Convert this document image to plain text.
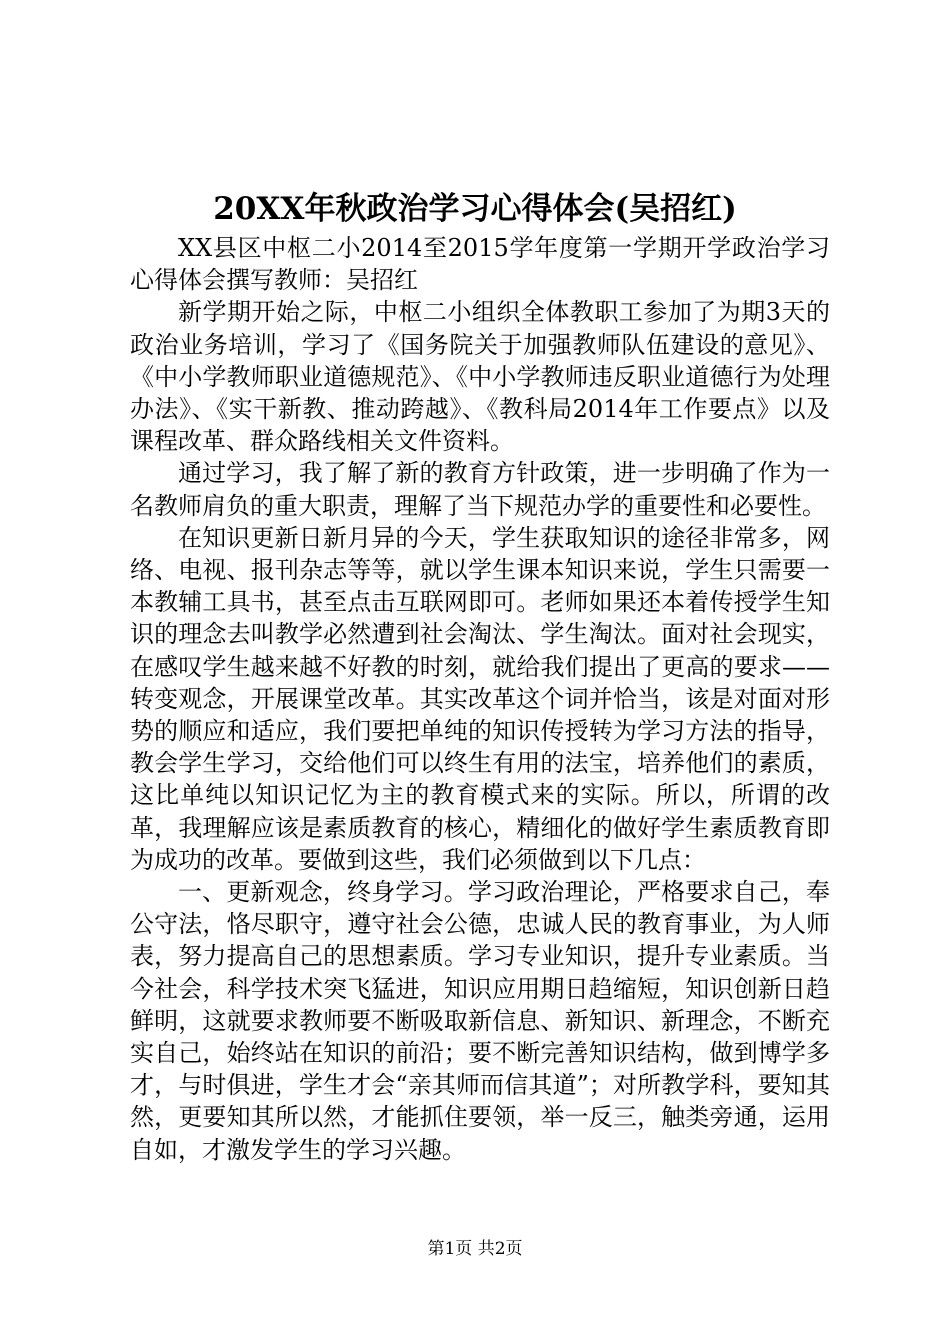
20XX年秋政治学习心得体会(吴招红)

XX县区中枢二小2014至2015学年度第一学期开学政治学习心得体会撰写教师：吴招红

新学期开始之际，中枢二小组织全体教职工参加了为期3天的政治业务培训，学习了《国务院关于加强教师队伍建设的意见》、《中小学教师职业道德规范》、《中小学教师违反职业道德行为处理办法》、《实干新教、推动跨越》、《教科局2014年工作要点》以及课程改革、群众路线相关文件资料。

通过学习，我了解了新的教育方针政策，进一步明确了作为一名教师肩负的重大职责，理解了当下规范办学的重要性和必要性。

在知识更新日新月异的今天，学生获取知识的途径非常多，网络、电视、报刊杂志等等，就以学生课本知识来说，学生只需要一本教辅工具书，甚至点击互联网即可。老师如果还本着传授学生知识的理念去叫教学必然遭到社会淘汰、学生淘汰。面对社会现实，在感叹学生越来越不好教的时刻，就给我们提出了更高的要求——转变观念，开展课堂改革。其实改革这个词并恰当，该是对面对形势的顺应和适应，我们要把单纯的知识传授转为学习方法的指导，教会学生学习，交给他们可以终生有用的法宝，培养他们的素质，这比单纯以知识记忆为主的教育模式来的实际。所以，所谓的改革，我理解应该是素质教育的核心，精细化的做好学生素质教育即为成功的改革。要做到这些，我们必须做到以下几点：

一、更新观念，终身学习。学习政治理论，严格要求自己，奉公守法，恪尽职守，遵守社会公德，忠诚人民的教育事业，为人师表，努力提高自己的思想素质。学习专业知识，提升专业素质。当今社会，科学技术突飞猛进，知识应用期日趋缩短，知识创新日趋鲜明，这就要求教师要不断吸取新信息、新知识、新理念，不断充实自己，始终站在知识的前沿；要不断完善知识结构，做到博学多才，与时俱进，学生才会“亲其师而信其道”；对所教学科，要知其然，更要知其所以然，才能抓住要领，举一反三，触类旁通，运用自如，才激发学生的学习兴趣。

第1页 共2页
